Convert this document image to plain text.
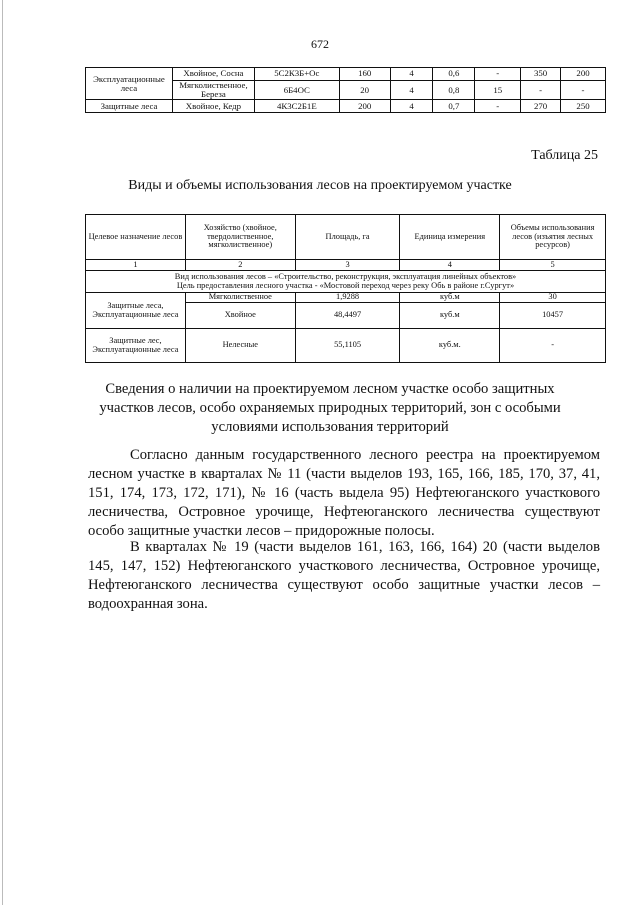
672
Эксплуатационные леса	Хвойное, Сосна	5С2К3Б+Ос	160	4	0,6	-	350	200
	Мягколиственное, Береза	6Б4ОС	20	4	0,8	15	-	-
Защитные леса	Хвойное, Кедр	4К3С2Б1Е	200	4	0,7	-	270	250
Таблица 25
Виды и объемы использования лесов на проектируемом участке
Целевое назначение лесов	Хозяйство (хвойное, твердолиственное, мягколиственное)	Площадь, га	Единица измерения	Объемы использования лесов (изъятия лесных ресурсов)
1	2	3	4	5

Вид использования лесов – «Строительство, реконструкция, эксплуатация линейных объектов»
Цель предоставления лесного участка - «Мостовой переход через реку Обь в районе г.Сургут»				

Защитные леса, Эксплуатационные леса	Мягколиственное	1,9288	куб.м	30
	Хвойное	48,4497	куб.м	10457
Защитные лес, Эксплуатационные леса	Нелесные	55,1105	куб.м.	-
Сведения о наличии на проектируемом лесном участке особо защитных участков лесов, особо охраняемых природных территорий, зон с особыми условиями использования территорий

Согласно данным государственного лесного реестра на проектируемом лесном участке в кварталах № 11 (части выделов 193, 165, 166, 185, 170, 37, 41, 151, 174, 173, 172, 171), № 16 (часть выдела 95) Нефтеюганского участкового лесничества, Островное урочище, Нефтеюганского лесничества существуют особо защитные участки лесов – придорожные полосы.

В кварталах № 19 (части выделов 161, 163, 166, 164) 20 (части выделов 145, 147, 152) Нефтеюганского участкового лесничества, Островное урочище, Нефтеюганского лесничества существуют особо защитные участки лесов – водоохранная зона.
